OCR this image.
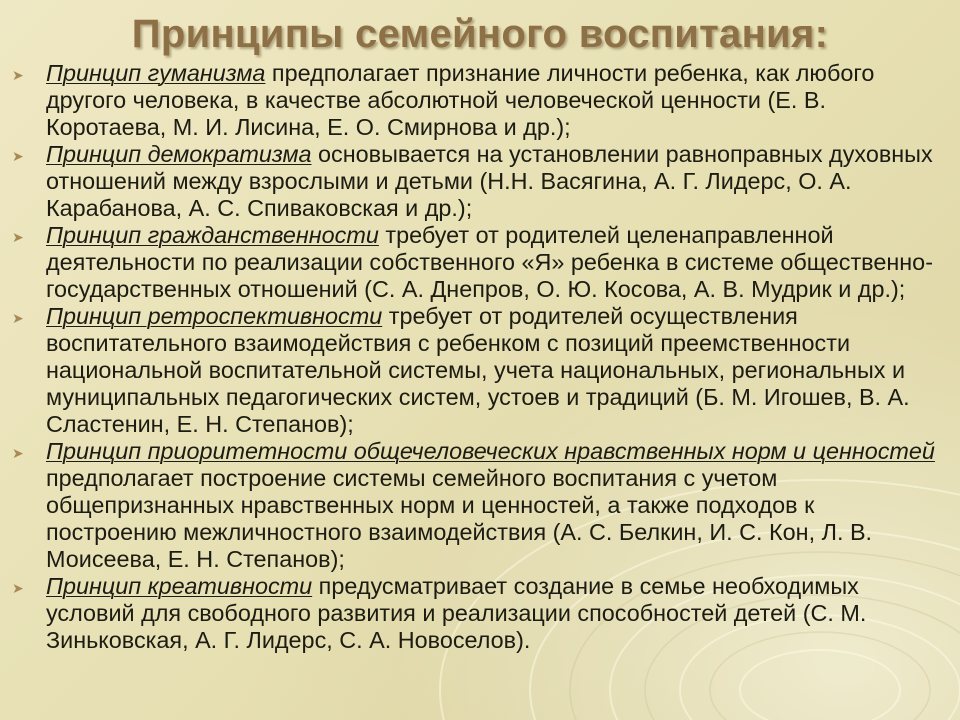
Принципы семейного воспитания:
➤ Принцип гуманизма предполагает признание личности ребенка, как любого другого человека, в качестве абсолютной человеческой ценности (Е. В. Коротаева, М. И. Лисина, Е. О. Смирнова и др.);
➤ Принцип демократизма основывается на установлении равноправных духовных отношений между взрослыми и детьми (Н.Н. Васягина, А. Г. Лидерс, О. А. Карабанова, А. С. Спиваковская и др.);
➤ Принцип гражданственности требует от родителей целенаправленной деятельности по реализации собственного «Я» ребенка в системе общественно-государственных отношений (С. А. Днепров, О. Ю. Косова, А. В. Мудрик и др.);
➤ Принцип ретроспективности требует от родителей осуществления воспитательного взаимодействия с ребенком с позиций преемственности национальной воспитательной системы, учета национальных, региональных и муниципальных педагогических систем, устоев и традиций (Б. М. Игошев, В. А. Сластенин, Е. Н. Степанов);
➤ Принцип приоритетности общечеловеческих нравственных норм и ценностей предполагает построение системы семейного воспитания с учетом общепризнанных нравственных норм и ценностей, а также подходов к построению межличностного взаимодействия (А. С. Белкин, И. С. Кон, Л. В. Моисеева, Е. Н. Степанов);
➤ Принцип креативности предусматривает создание в семье необходимых условий для свободного развития и реализации способностей детей (С. М. Зиньковская, А. Г. Лидерс, С. А. Новоселов).
